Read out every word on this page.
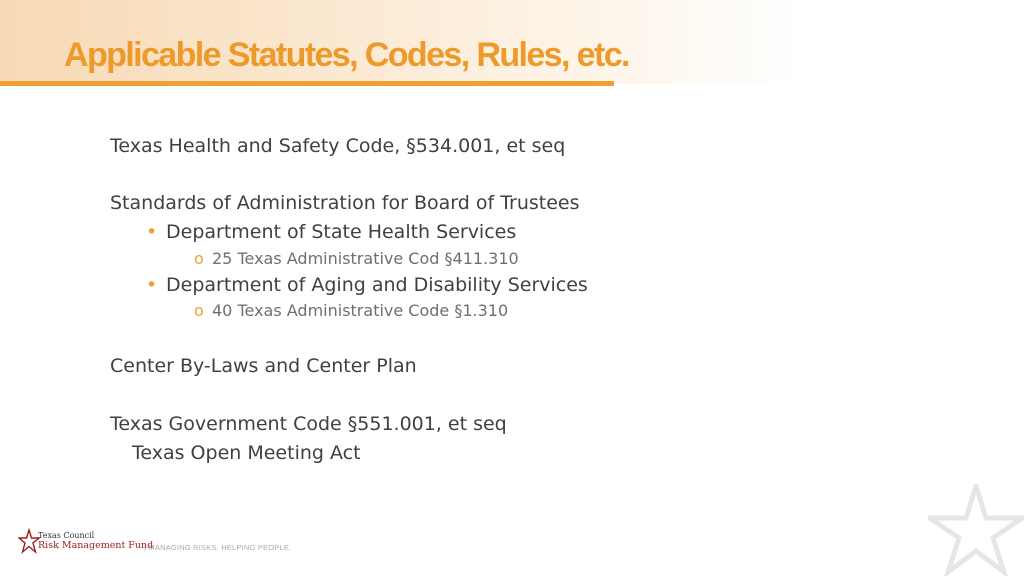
Applicable Statutes, Codes, Rules, etc.
Texas Health and Safety Code, §534.001, et seq
Standards of Administration for Board of Trustees
• Department of State Health Services
o 25 Texas Administrative Cod §411.310
• Department of Aging and Disability Services
o 40 Texas Administrative Code §1.310
Center By-Laws and Center Plan
Texas Government Code §551.001, et seq
Texas Open Meeting Act
Texas Council
Risk Management Fund
| MANAGING RISKS. HELPING PEOPLE.
